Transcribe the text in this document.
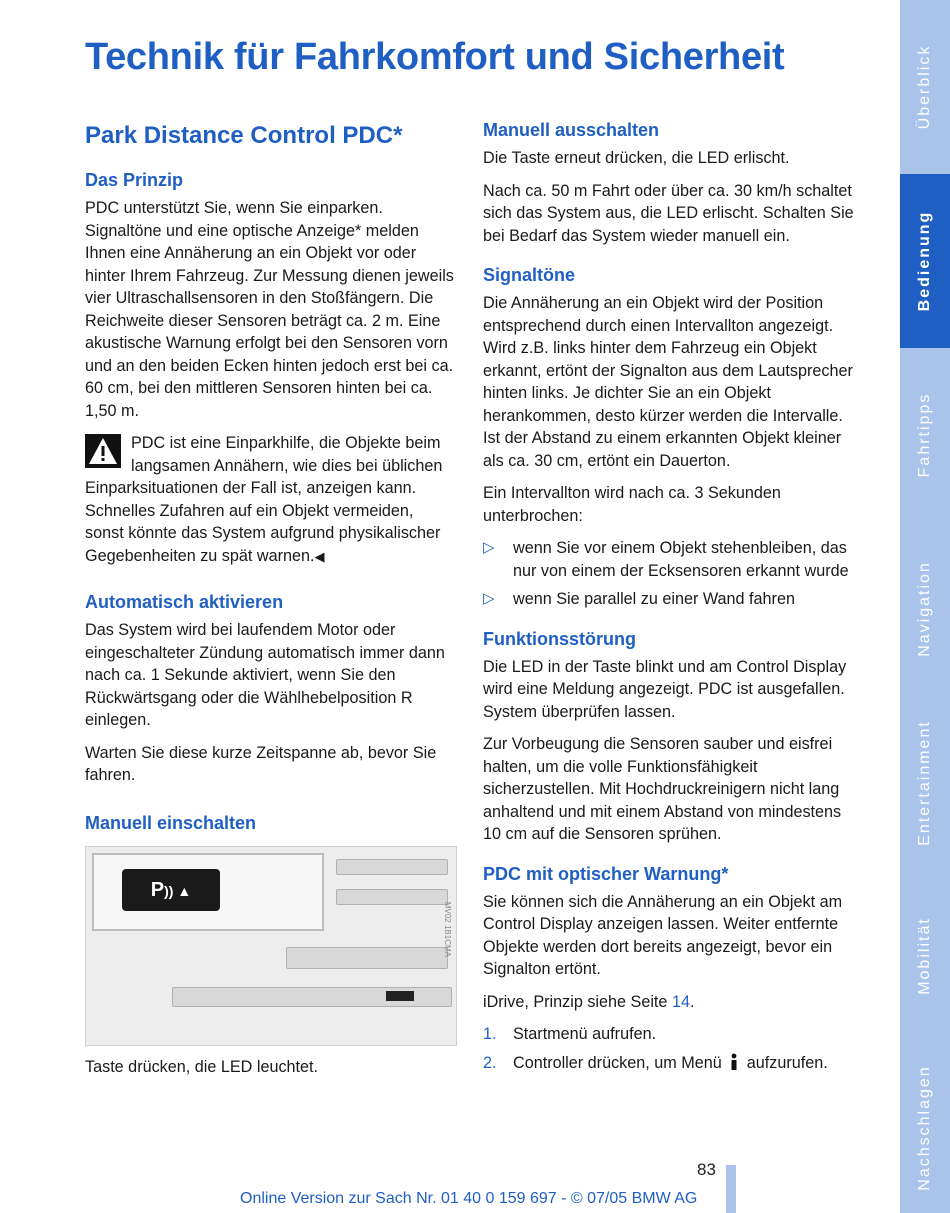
Technik für Fahrkomfort und Sicherheit
Park Distance Control PDC*
Das Prinzip

PDC unterstützt Sie, wenn Sie einparken. Signaltöne und eine optische Anzeige* melden Ihnen eine Annäherung an ein Objekt vor oder hinter Ihrem Fahrzeug. Zur Messung dienen jeweils vier Ultraschallsensoren in den Stoßfängern. Die Reichweite dieser Sensoren beträgt ca. 2 m. Eine akustische Warnung erfolgt bei den Sensoren vorn und an den beiden Ecken hinten jedoch erst bei ca. 60 cm, bei den mittleren Sensoren hinten bei ca. 1,50 m.

PDC ist eine Einparkhilfe, die Objekte beim langsamen Annähern, wie dies bei üblichen Einparksituationen der Fall ist, anzeigen kann. Schnelles Zufahren auf ein Objekt vermeiden, sonst könnte das System aufgrund physikalischer Gegebenheiten zu spät warnen.◀

Automatisch aktivieren

Das System wird bei laufendem Motor oder eingeschalteter Zündung automatisch immer dann nach ca. 1 Sekunde aktiviert, wenn Sie den Rückwärtsgang oder die Wählhebelposition R einlegen.

Warten Sie diese kurze Zeitspanne ab, bevor Sie fahren.

Manuell einschalten
P)) ▲
MV02 1B1CMA

Taste drücken, die LED leuchtet.

Manuell ausschalten

Die Taste erneut drücken, die LED erlischt.

Nach ca. 50 m Fahrt oder über ca. 30 km/h schaltet sich das System aus, die LED erlischt. Schalten Sie bei Bedarf das System wieder manuell ein.

Signaltöne

Die Annäherung an ein Objekt wird der Position entsprechend durch einen Intervallton angezeigt. Wird z.B. links hinter dem Fahrzeug ein Objekt erkannt, ertönt der Signalton aus dem Lautsprecher hinten links. Je dichter Sie an ein Objekt herankommen, desto kürzer werden die Intervalle. Ist der Abstand zu einem erkannten Objekt kleiner als ca. 30 cm, ertönt ein Dauerton.

Ein Intervallton wird nach ca. 3 Sekunden unterbrochen:

▷ wenn Sie vor einem Objekt stehenbleiben, das nur von einem der Ecksensoren erkannt wurde
▷ wenn Sie parallel zu einer Wand fahren
Funktionsstörung

Die LED in der Taste blinkt und am Control Display wird eine Meldung angezeigt. PDC ist ausgefallen. System überprüfen lassen.

Zur Vorbeugung die Sensoren sauber und eisfrei halten, um die volle Funktionsfähigkeit sicherzustellen. Mit Hochdruckreinigern nicht lang anhaltend und mit einem Abstand von mindestens 10 cm auf die Sensoren sprühen.

PDC mit optischer Warnung*

Sie können sich die Annäherung an ein Objekt am Control Display anzeigen lassen. Weiter entfernte Objekte werden dort bereits angezeigt, bevor ein Signalton ertönt.

iDrive, Prinzip siehe Seite 14.

1. Startmenü aufrufen.
2. Controller drücken, um Menü  aufzurufen.
Überblick
Bedienung
Fahrtipps
Navigation
Entertainment
Mobilität
Nachschlagen
83
Online Version zur Sach Nr. 01 40 0 159 697 - © 07/05 BMW AG
